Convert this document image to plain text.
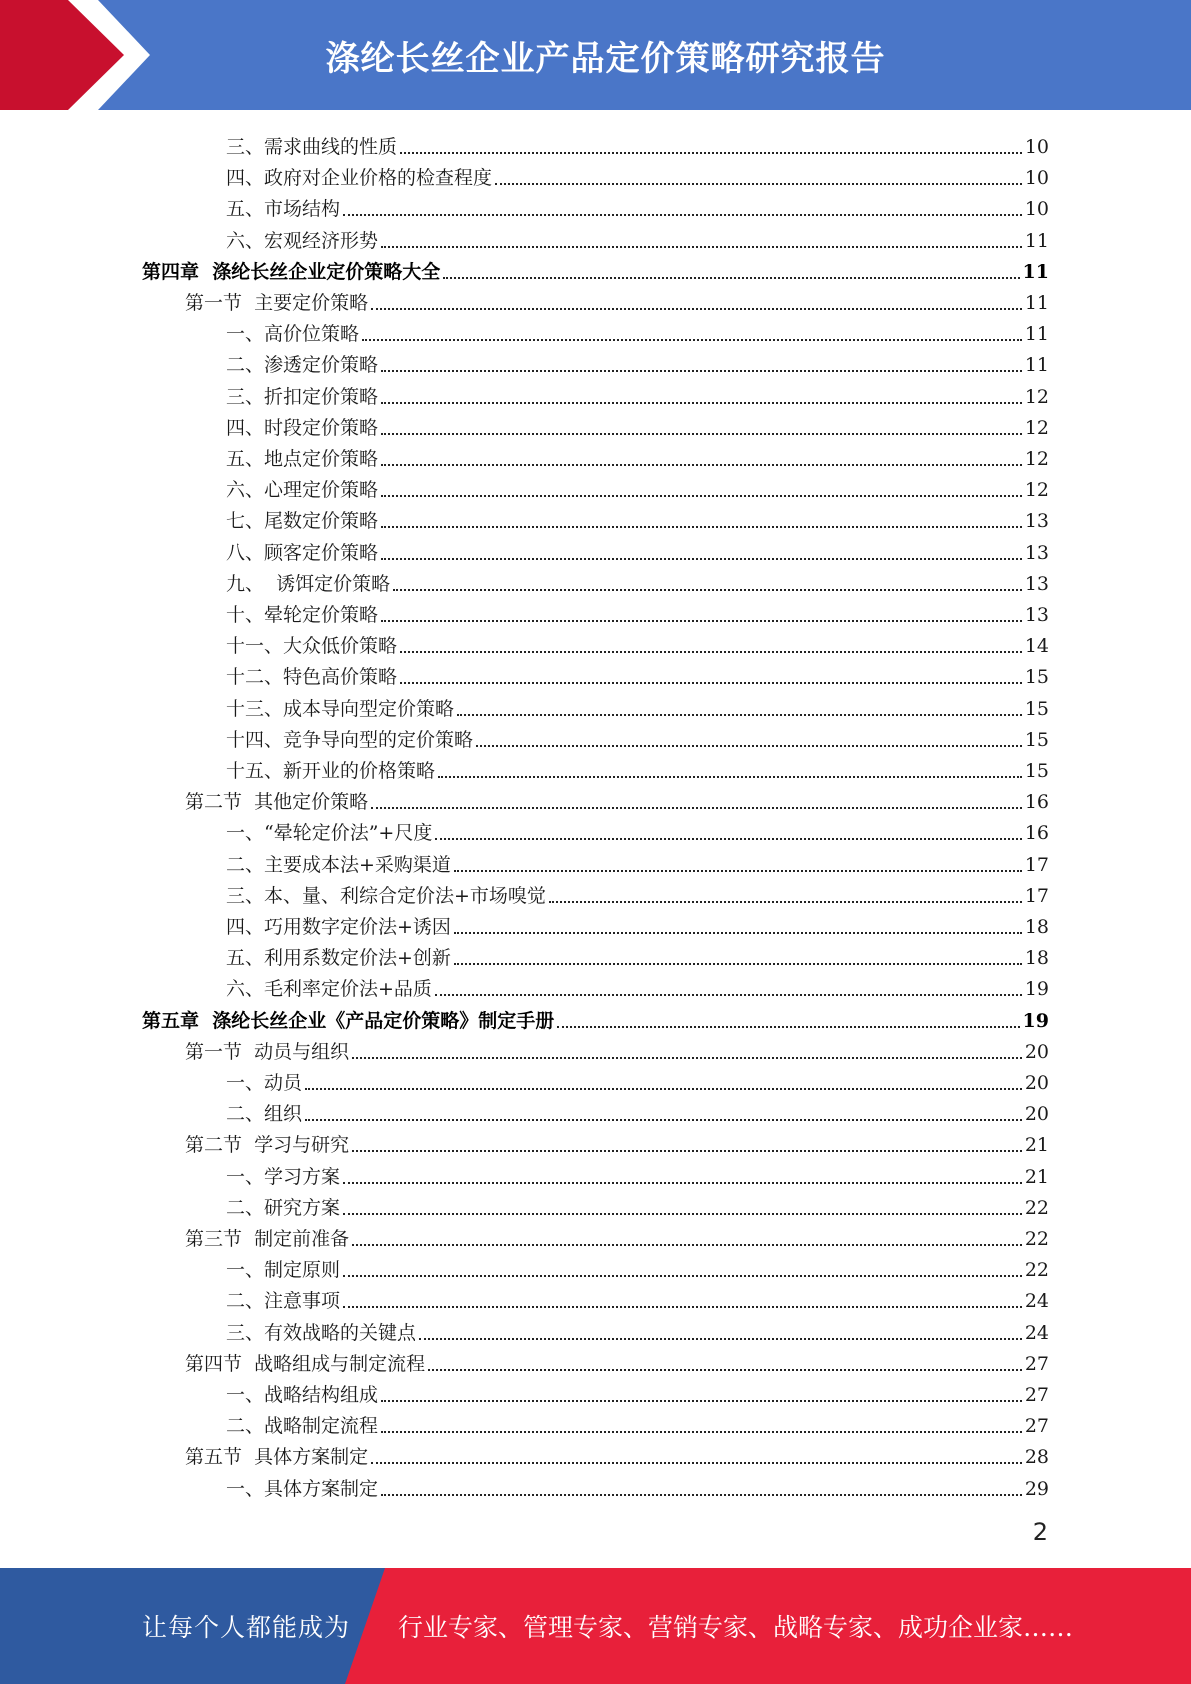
涤纶长丝企业产品定价策略研究报告
三、需求曲线的性质	10
四、政府对企业价格的检查程度	10
五、市场结构	10
六、宏观经济形势	11
第四章  涤纶长丝企业定价策略大全	11
第一节  主要定价策略	11
一、高价位策略	11
二、渗透定价策略	11
三、折扣定价策略	12
四、时段定价策略	12
五、地点定价策略	12
六、心理定价策略	12
七、尾数定价策略	13
八、顾客定价策略	13
九、  诱饵定价策略	13
十、晕轮定价策略	13
十一、大众低价策略	14
十二、特色高价策略	15
十三、成本导向型定价策略	15
十四、竞争导向型的定价策略	15
十五、新开业的价格策略	15
第二节  其他定价策略	16
一、“晕轮定价法”+尺度	16
二、主要成本法+采购渠道	17
三、本、量、利综合定价法+市场嗅觉	17
四、巧用数字定价法+诱因	18
五、利用系数定价法+创新	18
六、毛利率定价法+品质	19
第五章  涤纶长丝企业《产品定价策略》制定手册	19
第一节  动员与组织	20
一、动员	20
二、组织	20
第二节  学习与研究	21
一、学习方案	21
二、研究方案	22
第三节  制定前准备	22
一、制定原则	22
二、注意事项	24
三、有效战略的关键点	24
第四节  战略组成与制定流程	27
一、战略结构组成	27
二、战略制定流程	27
第五节  具体方案制定	28
一、具体方案制定	29
2
让每个人都能成为 行业专家、管理专家、营销专家、战略专家、成功企业家……
